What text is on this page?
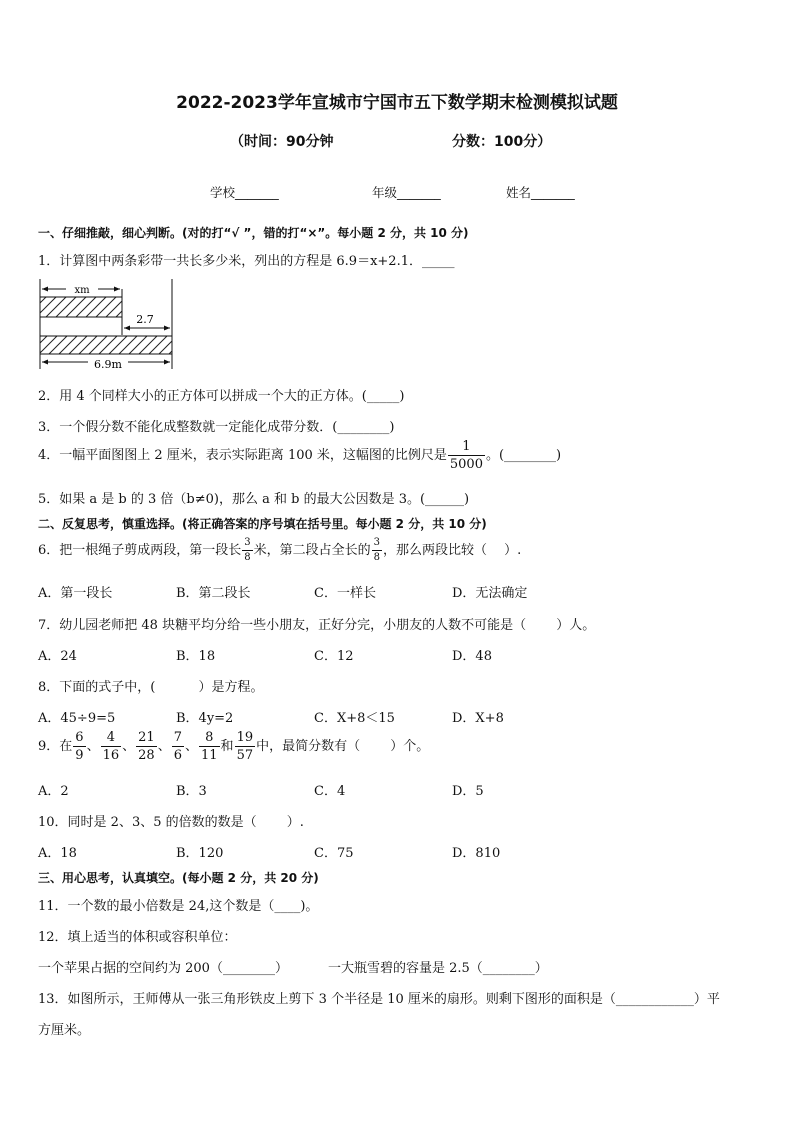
2022-2023学年宣城市宁国市五下数学期末检测模拟试题
（时间：90分钟	分数：100分）
学校_______	年级_______	姓名_______
一、仔细推敲，细心判断。(对的打“√ ”，错的打“×”。每小题 2 分，共 10 分)
1．计算图中两条彩带一共长多少米，列出的方程是 6.9＝x+2.1．_____
xm
2.7
6.9m
2．用 4 个同样大小的正方体可以拼成一个大的正方体。(_____)
3．一个假分数不能化成整数就一定能化成带分数．(________)
4．一幅平面图图上 2 厘米，表示实际距离 100 米，这幅图的比例尺是 $\frac{1}{5000}$ 。(________)
5．如果 a 是 b 的 3 倍（b≠0)，那么 a 和 b 的最大公因数是 3。(______)
二、反复思考，慎重选择。(将正确答案的序号填在括号里。每小题 2 分，共 10 分)
6．把一根绳子剪成两段，第一段长 $\frac{3}{8}$ 米，第二段占全长的 $\frac{3}{8}$ ，那么两段比较（　 ）.
A．第一段长	B．第二段长	C．一样长	D．无法确定
7．幼儿园老师把 48 块糖平均分给一些小朋友，正好分完，小朋友的人数不可能是（　 　）人。
A．24	B．18	C．12	D．48
8．下面的式子中，(　 　　）是方程。
A．45÷9=5	B．4y=2	C．X+8＜15	D．X+8
9．在 $\frac{6}{9}$ 、 $\frac{4}{16}$ 、 $\frac{21}{28}$ 、 $\frac{7}{6}$ 、 $\frac{8}{11}$ 和 $\frac{19}{57}$ 中，最简分数有（　 　）个。
A．2	B．3	C．4	D．5
10．同时是 2、3、5 的倍数的数是（　 　）.
A．18	B．120	C．75	D．810
三、用心思考，认真填空。(每小题 2 分，共 20 分)
11．一个数的最小倍数是 24,这个数是（____)。
12．填上适当的体积或容积单位：
一个苹果占据的空间约为 200（________）	一大瓶雪碧的容量是 2.5（________）
13．如图所示，王师傅从一张三角形铁皮上剪下 3 个半径是 10 厘米的扇形。则剩下图形的面积是（____________）平
方厘米。
